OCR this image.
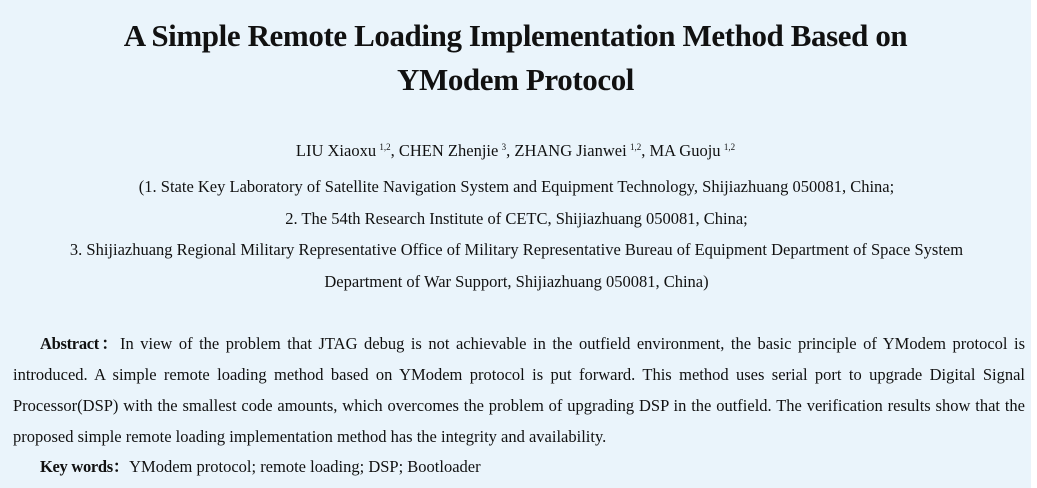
A Simple Remote Loading Implementation Method Based on
YModem Protocol
LIU Xiaoxu  $^{1,2}$, CHEN Zhenjie  $^3$, ZHANG Jianwei  $^{1,2}$, MA Guoju  $^{1,2}$
(1. State Key Laboratory of Satellite Navigation System and Equipment Technology, Shijiazhuang 050081, China;
2. The 54th Research Institute of CETC, Shijiazhuang 050081, China;
3. Shijiazhuang Regional Military Representative Office of Military Representative Bureau of Equipment Department of Space System
Department of War Support, Shijiazhuang 050081, China)
Abstract：In view of the problem that JTAG debug is not achievable in the outfield environment, the basic principle of YModem protocol is introduced. A simple remote loading method based on YModem protocol is put forward. This method uses serial port to upgrade Digital Signal Processor(DSP) with the smallest code amounts, which overcomes the problem of upgrading DSP in the outfield. The verification results show that the proposed simple remote loading implementation method has the integrity and availability.
Key words：YModem protocol; remote loading; DSP; Bootloader
